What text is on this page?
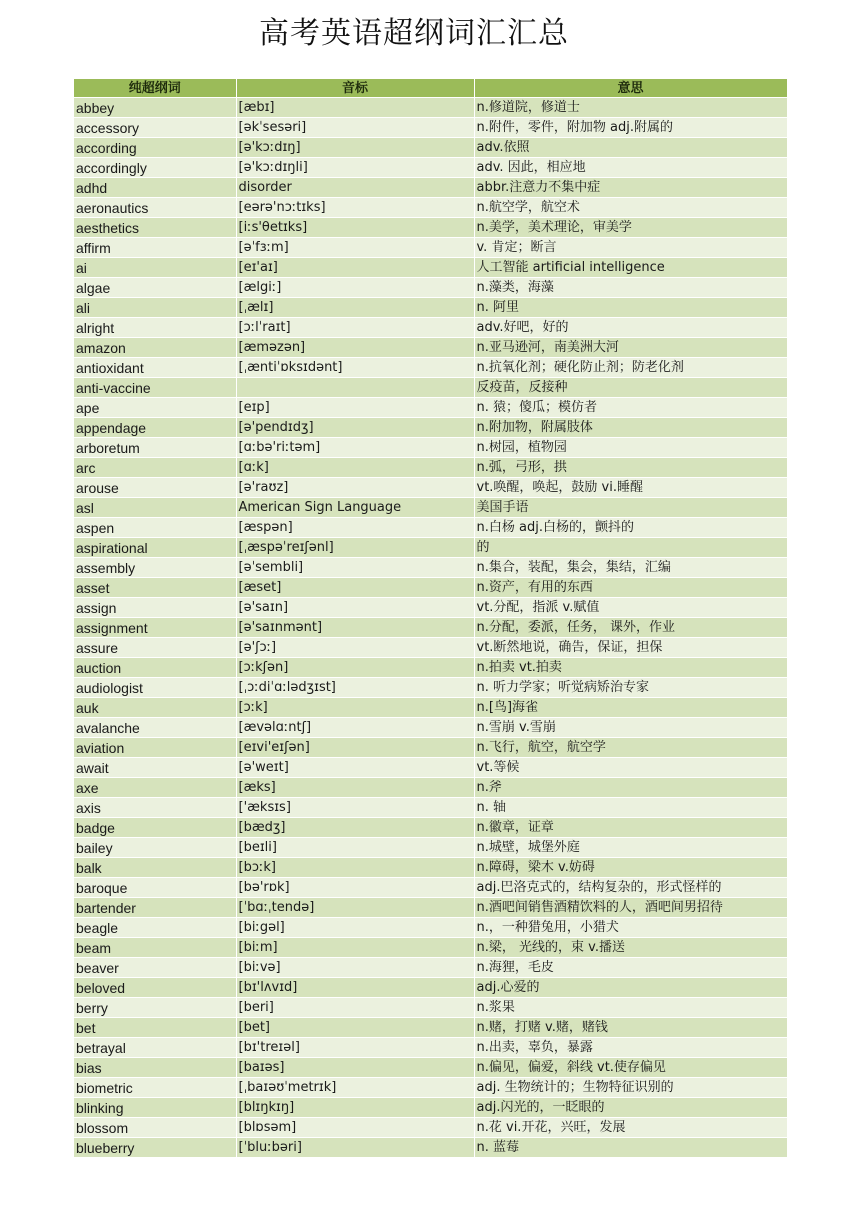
高考英语超纲词汇汇总
纯超纲词	音标	意思
abbey	[æbɪ]	n.修道院，修道士
accessory	[əkˈsesəri]	n.附件，零件，附加物 adj.附属的
according	[ə'kɔːdɪŋ]	adv.依照
accordingly	[ə'kɔːdɪŋli]	adv. 因此，相应地
adhd	disorder	abbr.注意力不集中症
aeronautics	[eərə'nɔːtɪks]	n.航空学，航空术
aesthetics	[iːs'θetɪks]	n.美学，美术理论，审美学
affirm	[əˈfɜːm]	v. 肯定；断言
ai	[eɪ'aɪ]	人工智能 artificial intelligence
algae	[ælgiː]	n.藻类，海藻
ali	[ˌælɪ]	n. 阿里
alright	[ɔːlˈraɪt]	adv.好吧，好的
amazon	[æməzən]	n.亚马逊河，南美洲大河
antioxidant	[ˌæntiˈɒksɪdənt]	n.抗氧化剂；硬化防止剂；防老化剂
anti-vaccine		反疫苗，反接种
ape	[eɪp]	n. 猿；傻瓜；模仿者
appendage	[ə'pendɪdʒ]	n.附加物，附属肢体
arboretum	[ɑːbə'riːtəm]	n.树园，植物园
arc	[ɑːk]	n.弧，弓形，拱
arouse	[ə'raʊz]	vt.唤醒，唤起，鼓励 vi.睡醒
asl	American Sign Language	美国手语
aspen	[æspən]	n.白杨 adj.白杨的，颤抖的
aspirational	[ˌæspəˈreɪʃənl]	的
assembly	[əˈsembli]	n.集合，装配，集会，集结，汇编
asset	[æset]	n.资产，有用的东西
assign	[ə'saɪn]	vt.分配，指派 v.赋值
assignment	[ə'saɪnmənt]	n.分配，委派，任务， 课外，作业
assure	[ə'ʃɔː]	vt.断然地说，确告，保证，担保
auction	[ɔːkʃən]	n.拍卖 vt.拍卖
audiologist	[ˌɔːdiˈɑːlədʒɪst]	n. 听力学家；听觉病矫治专家
auk	[ɔːk]	n.[鸟]海雀
avalanche	[ævəlɑːntʃ]	n.雪崩 v.雪崩
aviation	[eɪvi'eɪʃən]	n.飞行，航空，航空学
await	[ə'weɪt]	vt.等候
axe	[æks]	n.斧
axis	['æksɪs]	n. 轴
badge	[bædʒ]	n.徽章，证章
bailey	[beɪli]	n.城壁，城堡外庭
balk	[bɔːk]	n.障碍，梁木 v.妨碍
baroque	[bə'rɒk]	adj.巴洛克式的，结构复杂的，形式怪样的
bartender	[ˈbɑːˌtendə]	n.酒吧间销售酒精饮料的人，酒吧间男招待
beagle	[biːgəl]	n.，一种猎兔用，小猎犬
beam	[biːm]	n.梁， 光线的，束 v.播送
beaver	[biːvə]	n.海狸，毛皮
beloved	[bɪ'lʌvɪd]	adj.心爱的
berry	[beri]	n.浆果
bet	[bet]	n.赌，打赌 v.赌，赌钱
betrayal	[bɪ'treɪəl]	n.出卖，辜负，暴露
bias	[baɪəs]	n.偏见，偏爱，斜线 vt.使存偏见
biometric	[ˌbaɪəʊˈmetrɪk]	adj. 生物统计的；生物特征识别的
blinking	[blɪŋkɪŋ]	adj.闪光的，一眨眼的
blossom	[blɒsəm]	n.花 vi.开花，兴旺，发展
blueberry	[ˈbluːbəri]	n. 蓝莓
